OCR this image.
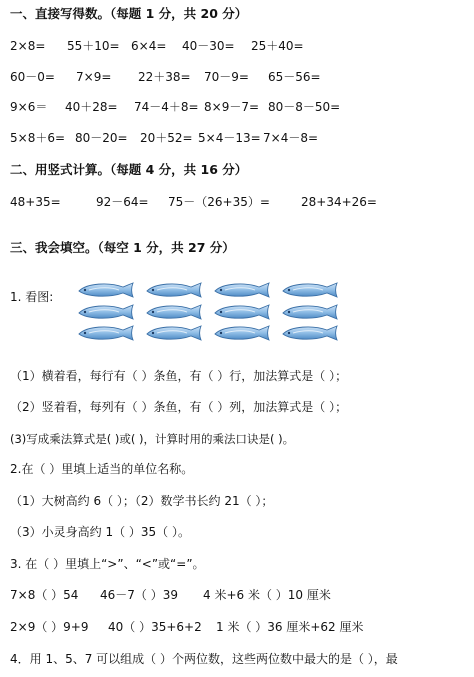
一、直接写得数。（每题 1 分，共 20 分）
2×8= 55＋10= 6×4= 40－30= 25＋40=
60－0= 7×9= 22＋38= 70－9= 65－56=
9×6＝ 40＋28= 74－4＋8= 8×9－7= 80－8－50=
5×8＋6= 80－20= 20＋52= 5×4－13= 7×4－8=
二、用竖式计算。（每题 4 分，共 16 分）
48+35=	92－64= 75－（26+35）=	28+34+26=
三、我会填空。（每空 1 分，共 27 分）
1. 看图:
（1）横着看，每行有（ ）条鱼，有（ ）行，加法算式是（ ）；
（2）竖着看，每列有（ ）条鱼，有（ ）列，加法算式是（ ）；
(3)写成乘法算式是( )或( )，计算时用的乘法口诀是( )。
2.在（ ）里填上适当的单位名称。
（1）大树高约 6（ ）；（2）数学书长约 21（ ）；
（3）小灵身高约 1（ ）35（ ）。
3. 在（ ）里填上“>”、“<”或“=”。
7×8（ ）54 46－7（ ）39 4 米+6 米（ ）10 厘米
2×9（ ）9+9 40（ ）35+6+2 1 米（ ）36 厘米+62 厘米
4．用 1、5、7 可以组成（ ）个两位数，这些两位数中最大的是（ ），最
